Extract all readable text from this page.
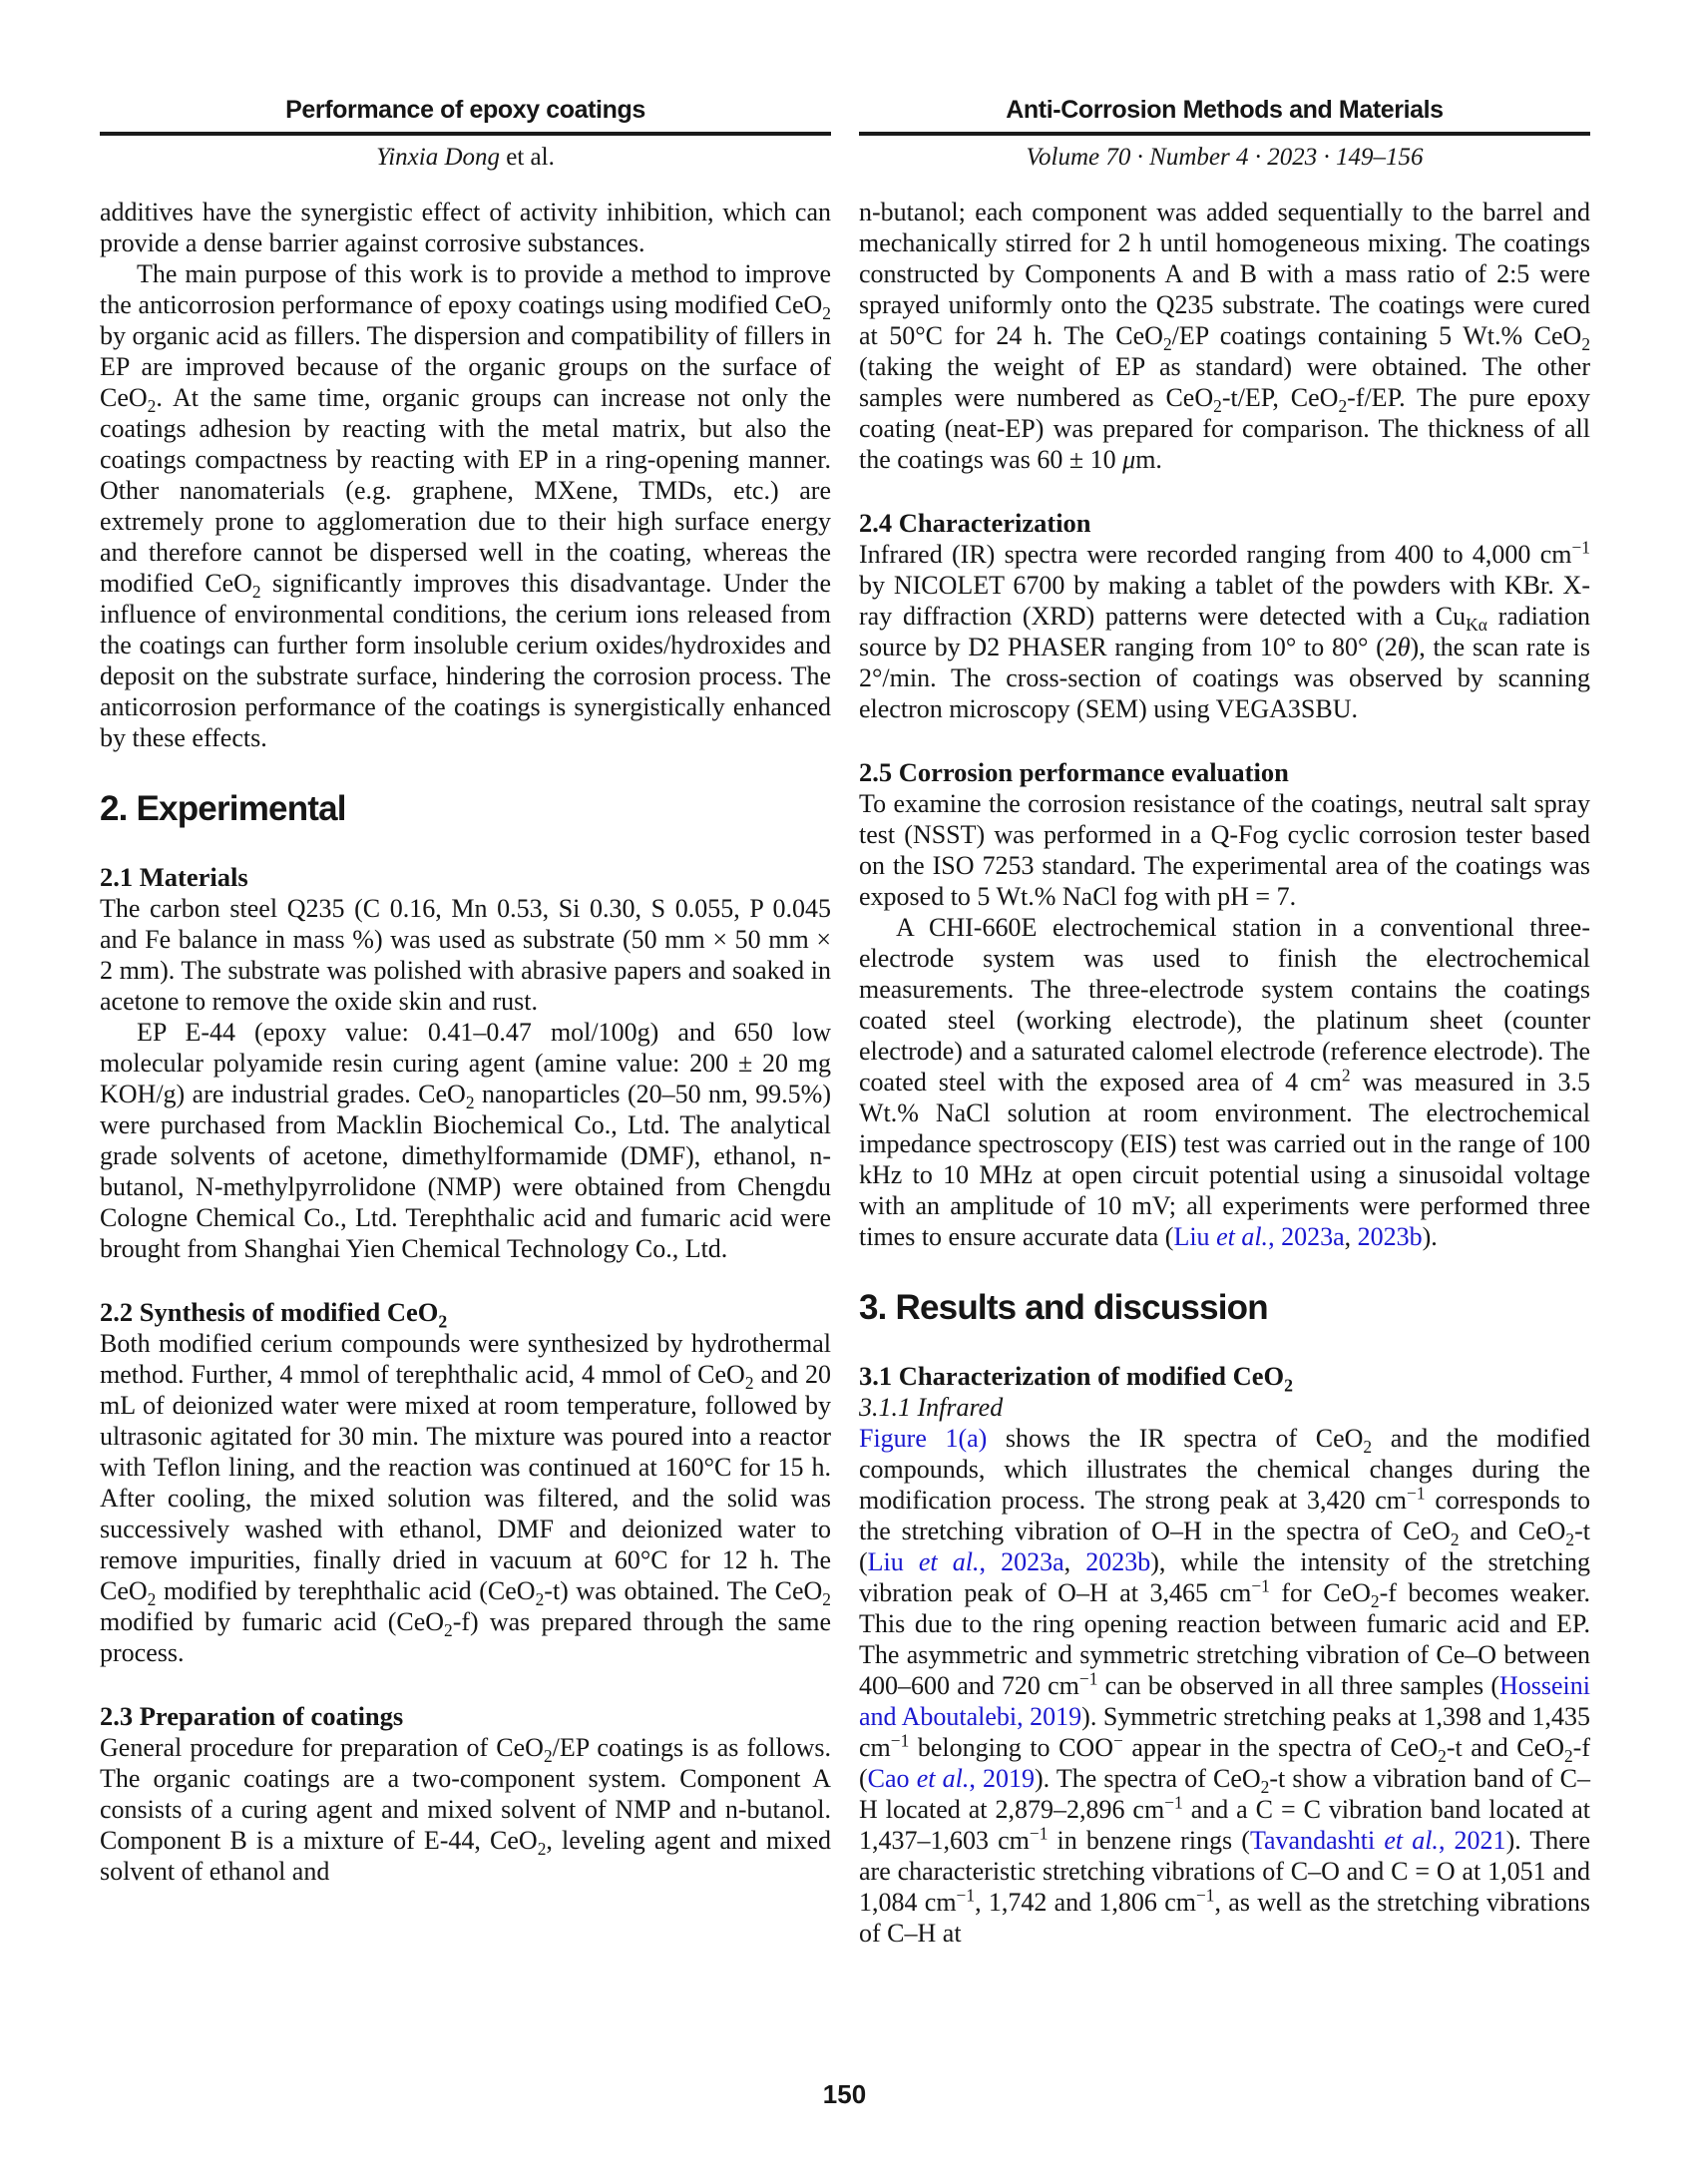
Performance of epoxy coatings
Yinxia Dong et al.
Anti-Corrosion Methods and Materials
Volume 70 · Number 4 · 2023 · 149–156

additives have the synergistic effect of activity inhibition, which can provide a dense barrier against corrosive substances.

The main purpose of this work is to provide a method to improve the anticorrosion performance of epoxy coatings using modified CeO$_2$ by organic acid as fillers. The dispersion and compatibility of fillers in EP are improved because of the organic groups on the surface of CeO$_2$. At the same time, organic groups can increase not only the coatings adhesion by reacting with the metal matrix, but also the coatings compactness by reacting with EP in a ring-opening manner. Other nanomaterials (e.g. graphene, MXene, TMDs, etc.) are extremely prone to agglomeration due to their high surface energy and therefore cannot be dispersed well in the coating, whereas the modified CeO$_2$ significantly improves this disadvantage. Under the influence of environmental conditions, the cerium ions released from the coatings can further form insoluble cerium oxides/hydroxides and deposit on the substrate surface, hindering the corrosion process. The anticorrosion performance of the coatings is synergistically enhanced by these effects.

2. Experimental
2.1 Materials

The carbon steel Q235 (C 0.16, Mn 0.53, Si 0.30, S 0.055, P 0.045 and Fe balance in mass %) was used as substrate (50 mm × 50 mm × 2 mm). The substrate was polished with abrasive papers and soaked in acetone to remove the oxide skin and rust.

EP E-44 (epoxy value: 0.41–0.47 mol/100g) and 650 low molecular polyamide resin curing agent (amine value: 200 ± 20 mg KOH/g) are industrial grades. CeO$_2$ nanoparticles (20–50 nm, 99.5%) were purchased from Macklin Biochemical Co., Ltd. The analytical grade solvents of acetone, dimethylformamide (DMF), ethanol, n-butanol, N-methylpyrrolidone (NMP) were obtained from Chengdu Cologne Chemical Co., Ltd. Terephthalic acid and fumaric acid were brought from Shanghai Yien Chemical Technology Co., Ltd.

2.2 Synthesis of modified CeO$_2$

Both modified cerium compounds were synthesized by hydrothermal method. Further, 4 mmol of terephthalic acid, 4 mmol of CeO$_2$ and 20 mL of deionized water were mixed at room temperature, followed by ultrasonic agitated for 30 min. The mixture was poured into a reactor with Teflon lining, and the reaction was continued at 160°C for 15 h. After cooling, the mixed solution was filtered, and the solid was successively washed with ethanol, DMF and deionized water to remove impurities, finally dried in vacuum at 60°C for 12 h. The CeO$_2$ modified by terephthalic acid (CeO$_2$-t) was obtained. The CeO$_2$ modified by fumaric acid (CeO$_2$-f) was prepared through the same process.

2.3 Preparation of coatings

General procedure for preparation of CeO$_2$/EP coatings is as follows. The organic coatings are a two-component system. Component A consists of a curing agent and mixed solvent of NMP and n-butanol. Component B is a mixture of E-44, CeO$_2$, leveling agent and mixed solvent of ethanol and

n-butanol; each component was added sequentially to the barrel and mechanically stirred for 2 h until homogeneous mixing. The coatings constructed by Components A and B with a mass ratio of 2:5 were sprayed uniformly onto the Q235 substrate. The coatings were cured at 50°C for 24 h. The CeO$_2$/EP coatings containing 5 Wt.% CeO$_2$ (taking the weight of EP as standard) were obtained. The other samples were numbered as CeO$_2$-t/EP, CeO$_2$-f/EP. The pure epoxy coating (neat-EP) was prepared for comparison. The thickness of all the coatings was 60 ± 10 μm.

2.4 Characterization

Infrared (IR) spectra were recorded ranging from 400 to 4,000 $cm^{-1}$ by NICOLET 6700 by making a tablet of the powders with KBr. X-ray diffraction (XRD) patterns were detected with a $Cu_{K\alpha}$ radiation source by D2 PHASER ranging from 10° to 80° (2θ), the scan rate is 2°/min. The cross-section of coatings was observed by scanning electron microscopy (SEM) using VEGA3SBU.

2.5 Corrosion performance evaluation

To examine the corrosion resistance of the coatings, neutral salt spray test (NSST) was performed in a Q-Fog cyclic corrosion tester based on the ISO 7253 standard. The experimental area of the coatings was exposed to 5 Wt.% NaCl fog with pH = 7.

A CHI-660E electrochemical station in a conventional three-electrode system was used to finish the electrochemical measurements. The three-electrode system contains the coatings coated steel (working electrode), the platinum sheet (counter electrode) and a saturated calomel electrode (reference electrode). The coated steel with the exposed area of 4 $cm^2$ was measured in 3.5 Wt.% NaCl solution at room environment. The electrochemical impedance spectroscopy (EIS) test was carried out in the range of 100 kHz to 10 MHz at open circuit potential using a sinusoidal voltage with an amplitude of 10 mV; all experiments were performed three times to ensure accurate data (Liu et al., 2023a, 2023b).

3. Results and discussion
3.1 Characterization of modified CeO$_2$
3.1.1 Infrared

Figure 1(a) shows the IR spectra of CeO$_2$ and the modified compounds, which illustrates the chemical changes during the modification process. The strong peak at 3,420 $cm^{-1}$ corresponds to the stretching vibration of O–H in the spectra of CeO$_2$ and CeO$_2$-t (Liu et al., 2023a, 2023b), while the intensity of the stretching vibration peak of O–H at 3,465 $cm^{-1}$ for CeO$_2$-f becomes weaker. This due to the ring opening reaction between fumaric acid and EP. The asymmetric and symmetric stretching vibration of Ce–O between 400–600 and 720 $cm^{-1}$ can be observed in all three samples (Hosseini and Aboutalebi, 2019). Symmetric stretching peaks at 1,398 and 1,435 $cm^{-1}$ belonging to COO− appear in the spectra of CeO$_2$-t and CeO$_2$-f (Cao et al., 2019). The spectra of CeO$_2$-t show a vibration band of C–H located at 2,879–2,896 $cm^{-1}$ and a C = C vibration band located at 1,437–1,603 $cm^{-1}$ in benzene rings (Tavandashti et al., 2021). There are characteristic stretching vibrations of C–O and C = O at 1,051 and 1,084 $cm^{-1}$, 1,742 and 1,806 $cm^{-1}$, as well as the stretching vibrations of C–H at

150
